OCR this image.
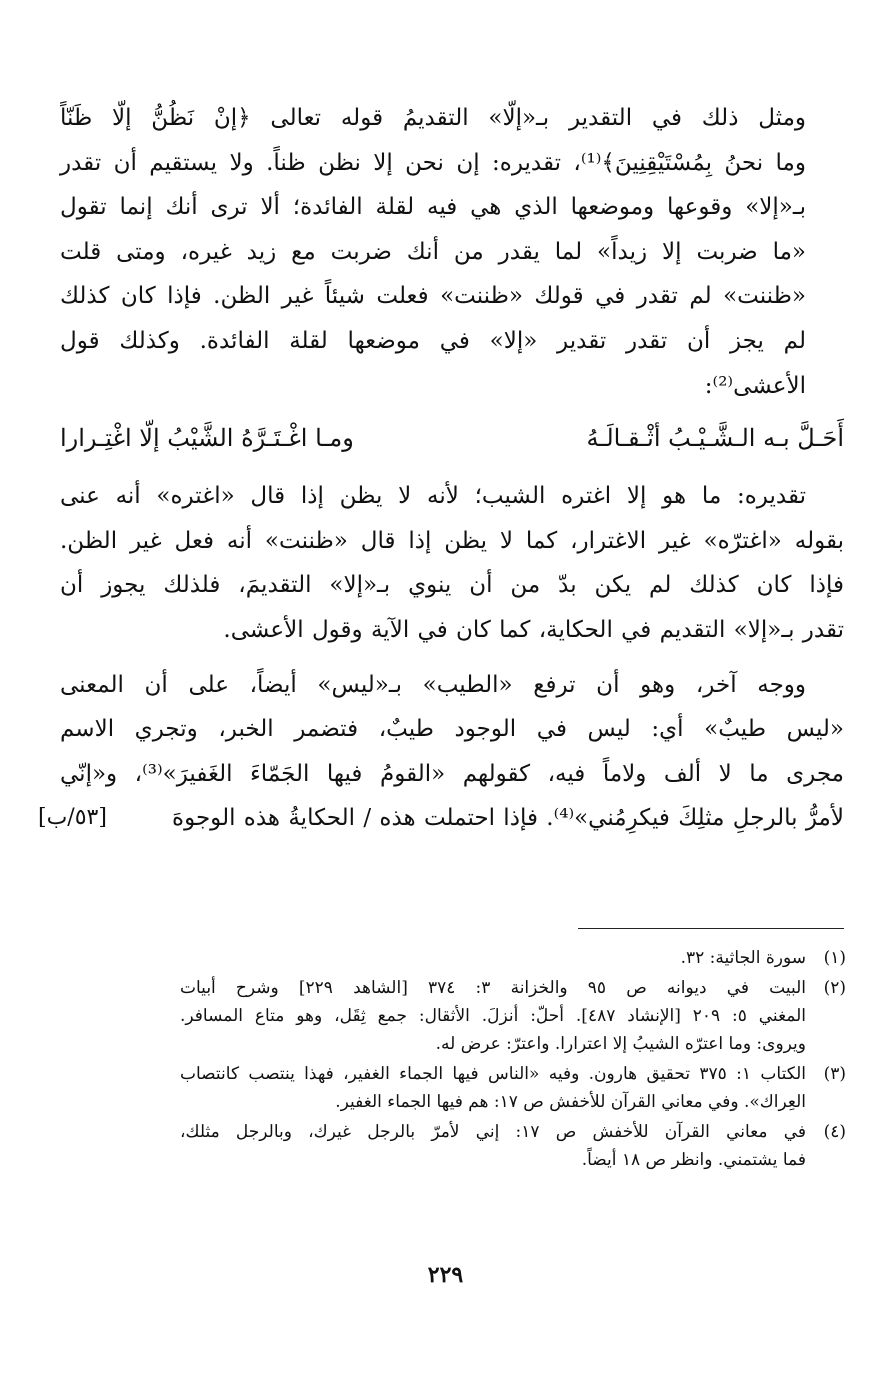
ومثل ذلك في التقدير بـ«إلّا» التقديمُ قوله تعالى ﴿إنْ نَظُنُّ إلّا ظَنّاً
وما نحنُ بِمُسْتَيْقِنِينَ﴾⁽¹⁾، تقديره: إن نحن إلا نظن ظناً. ولا يستقيم أن تقدر
بـ«إلا» وقوعها وموضعها الذي هي فيه لقلة الفائدة؛ ألا ترى أنك إنما تقول
«ما ضربت إلا زيداً» لما يقدر من أنك ضربت مع زيد غيره، ومتى قلت
«ظننت» لم تقدر في قولك «ظننت» فعلت شيئاً غير الظن. فإذا كان كذلك
لم يجز أن تقدر تقدير «إلا» في موضعها لقلة الفائدة. وكذلك قول
الأعشى⁽²⁾:

أَحَـلَّ بـه الـشَّـيْـبُ أثْـقـالَـهُ
ومـا اغْـتَـرَّهُ الشَّيْبُ إلّا اغْتِـرارا

تقديره: ما هو إلا اغتره الشيب؛ لأنه لا يظن إذا قال «اغتره» أنه عنى
بقوله «اغترّه» غير الاغترار، كما لا يظن إذا قال «ظننت» أنه فعل غير الظن.
فإذا كان كذلك لم يكن بدّ من أن ينوي بـ«إلا» التقديمَ، فلذلك يجوز أن
تقدر بـ«إلا» التقديم في الحكاية، كما كان في الآية وقول الأعشى.

ووجه آخر، وهو أن ترفع «الطيب» بـ«ليس» أيضاً، على أن المعنى
«ليس طيبٌ» أي: ليس في الوجود طيبٌ، فتضمر الخبر، وتجري الاسم
مجرى ما لا ألف ولاماً فيه، كقولهم «القومُ فيها الجَمّاءَ الغَفيرَ»⁽³⁾، و«إنّي
لأمرُّ بالرجلِ مثلِكَ فيكرِمُني»⁽⁴⁾. فإذا احتملت هذه / الحكايةُ هذه الوجوهَ
[٥٣/ب]

(١)
سورة الجاثية: ٣٢.
(٢)
البيت في ديوانه ص ٩٥ والخزانة ٣: ٣٧٤ [الشاهد ٢٢٩] وشرح أبيات
المغني ٥: ٢٠٩ [الإنشاد ٤٨٧]. أحلّ: أنزلَ. الأثقال: جمع ثِقَل، وهو متاع المسافر.
ويروى: وما اعترّه الشيبُ إلا اعترارا. واعترّ: عرض له.
(٣)
الكتاب ١: ٣٧٥ تحقيق هارون. وفيه «الناس فيها الجماء الغفير، فهذا ينتصب كانتصاب
العِراك». وفي معاني القرآن للأخفش ص ١٧: هم فيها الجماء الغفير.
(٤)
في معاني القرآن للأخفش ص ١٧: إني لأمرّ بالرجل غيرك، وبالرجل مثلك،
فما يشتمني. وانظر ص ١٨ أيضاً.
٢٢٩
